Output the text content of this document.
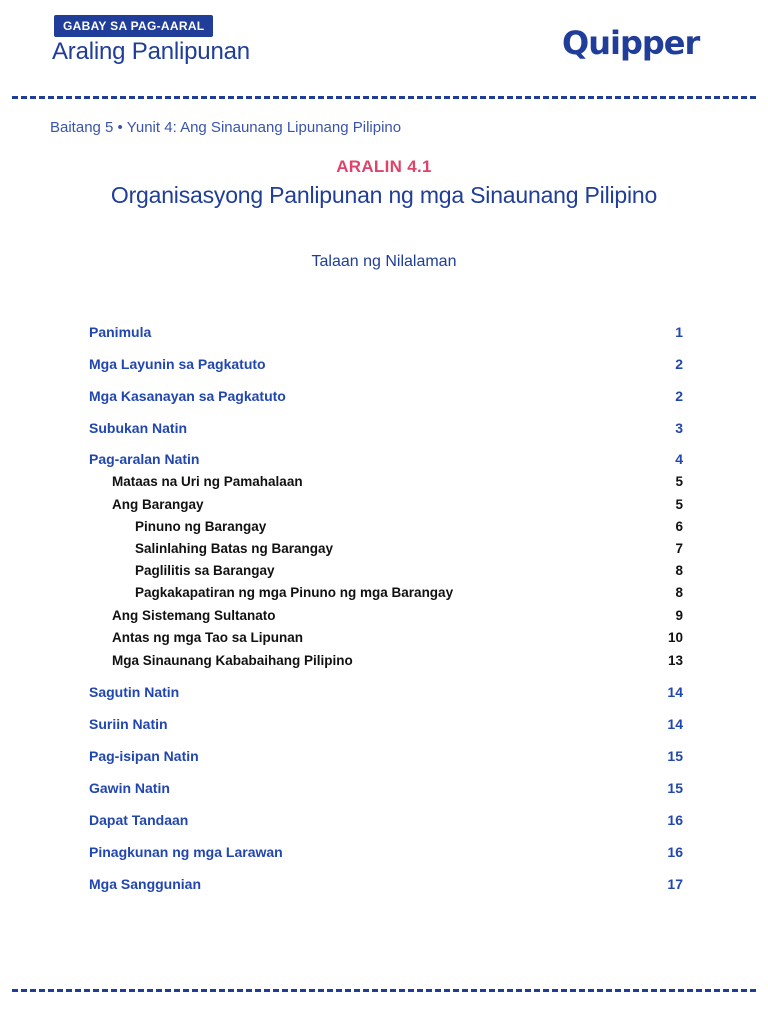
GABAY SA PAG-AARAL
Araling Panlipunan	Quipper
Baitang 5 • Yunit 4: Ang Sinaunang Lipunang Pilipino
ARALIN 4.1
Organisasyong Panlipunan ng mga Sinaunang Pilipino
Talaan ng Nilalaman
Panimula	1
Mga Layunin sa Pagkatuto	2
Mga Kasanayan sa Pagkatuto	2
Subukan Natin	3
Pag-aralan Natin	4
Mataas na Uri ng Pamahalaan	5
Ang Barangay	5
Pinuno ng Barangay	6
Salinlahing Batas ng Barangay	7
Paglilitis sa Barangay	8
Pagkakapatiran ng mga Pinuno ng mga Barangay	8
Ang Sistemang Sultanato	9
Antas ng mga Tao sa Lipunan	10
Mga Sinaunang Kababaihang Pilipino	13
Sagutin Natin	14
Suriin Natin	14
Pag-isipan Natin	15
Gawin Natin	15
Dapat Tandaan	16
Pinagkunan ng mga Larawan	16
Mga Sanggunian	17
